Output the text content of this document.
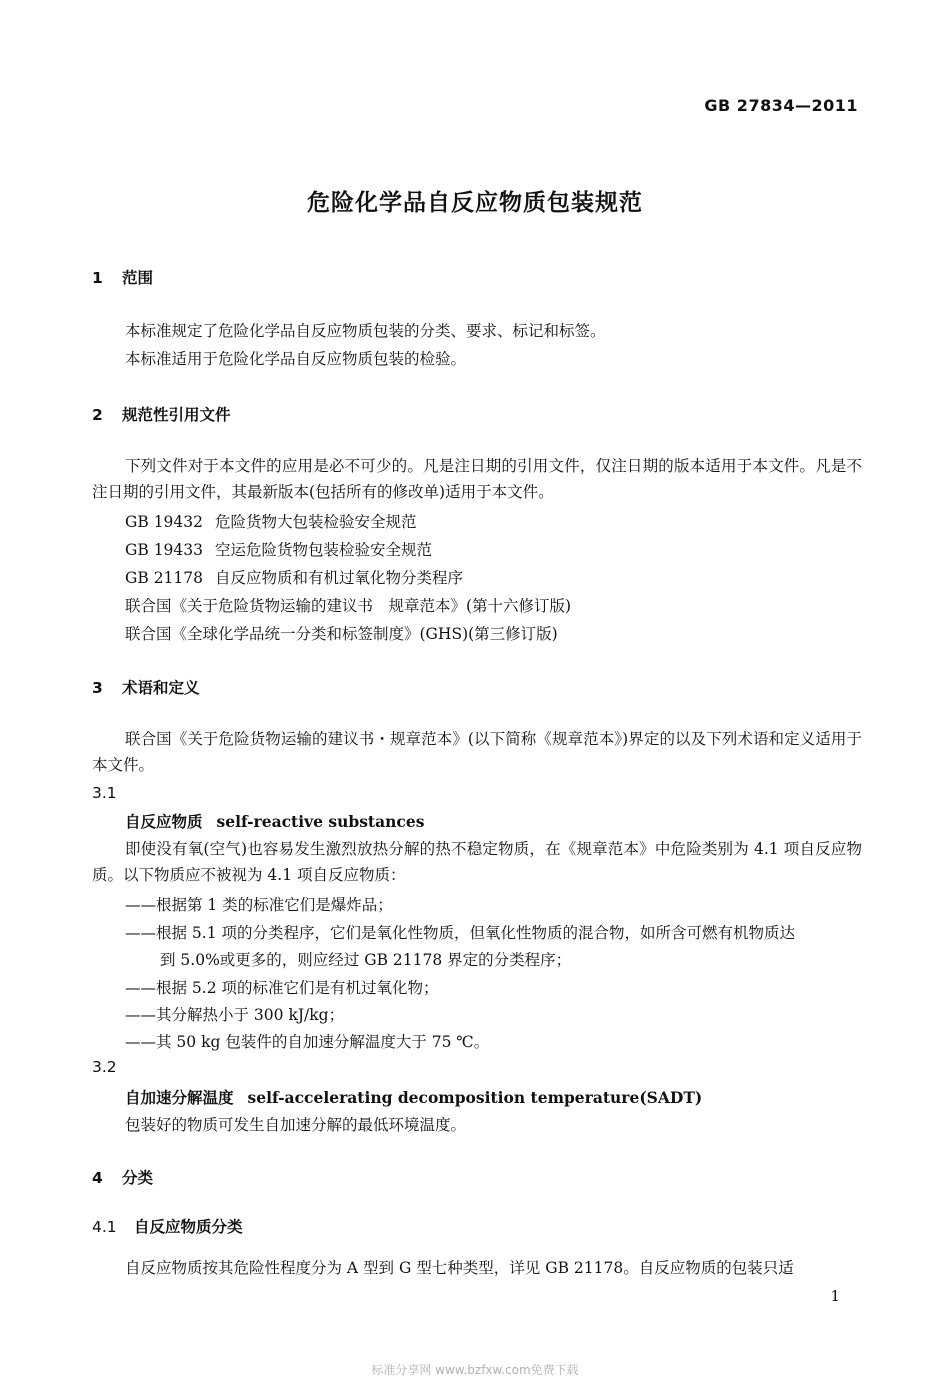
GB 27834—2011
危险化学品自反应物质包装规范
1 范围
本标准规定了危险化学品自反应物质包装的分类、要求、标记和标签。
本标准适用于危险化学品自反应物质包装的检验。
2 规范性引用文件
下列文件对于本文件的应用是必不可少的。凡是注日期的引用文件，仅注日期的版本适用于本文件。凡是不注日期的引用文件，其最新版本(包括所有的修改单)适用于本文件。
GB 19432 危险货物大包装检验安全规范
GB 19433 空运危险货物包装检验安全规范
GB 21178 自反应物质和有机过氧化物分类程序
联合国《关于危险货物运输的建议书　规章范本》(第十六修订版)
联合国《全球化学品统一分类和标签制度》(GHS)(第三修订版)
3 术语和定义
联合国《关于危险货物运输的建议书・规章范本》(以下简称《规章范本》)界定的以及下列术语和定义适用于本文件。
3.1
自反应物质 self-reactive substances
即使没有氧(空气)也容易发生激烈放热分解的热不稳定物质，在《规章范本》中危险类别为 4.1 项自反应物质。以下物质应不被视为 4.1 项自反应物质：
——根据第 1 类的标准它们是爆炸品；
——根据 5.1 项的分类程序，它们是氧化性物质，但氧化性物质的混合物，如所含可燃有机物质达
到 5.0%或更多的，则应经过 GB 21178 界定的分类程序；
——根据 5.2 项的标准它们是有机过氧化物；
——其分解热小于 300 kJ/kg；
——其 50 kg 包装件的自加速分解温度大于 75 ℃。
3.2
自加速分解温度 self-accelerating decomposition temperature(SADT)
包装好的物质可发生自加速分解的最低环境温度。
4 分类
4.1 自反应物质分类
自反应物质按其危险性程度分为 A 型到 G 型七种类型，详见 GB 21178。自反应物质的包装只适
1
标准分享网 www.bzfxw.com免费下载
